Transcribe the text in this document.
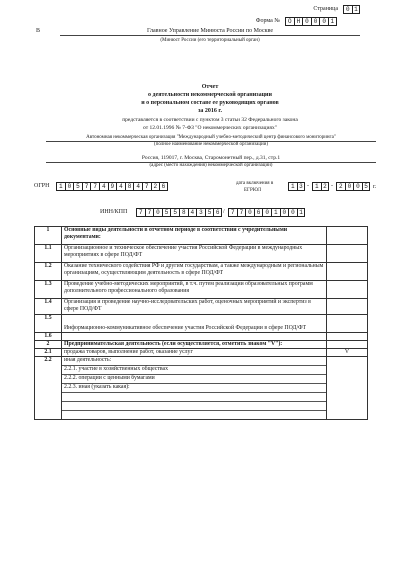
Страница	0 1
Форма №	О Н 0 0 0 1
В	Главное Управление Минюста России по Москве
(Минюст России (его территориальный орган)
Отчет
о деятельности некоммерческой организации
и о персональном составе ее руководящих органов
за 2016 г.
представляется в соответствии с пунктом 3 статьи 32 Федерального закона
от 12.01.1996 № 7-ФЗ "О некоммерческих организациях"
Автономная некоммерческая организация "Международный учебно-методический центр финансового мониторинга"
(полное наименование некоммерческой организации)
Россия, 119017, г. Москва, Старомонетный пер., д.31, стр.1
(адрес (место нахождения) некоммерческой организации)
ОГРН	1 0 5 7 7 4 9 4 8 4 7 2 6	дата включения в
ЕГРЮЛ
1 3 - 1 2 - 2 0 0 5 г.
ИНН/КПП	7 7 0 5 5 8 4 3 5 6 /	7 7 0 6 0 1 0 0 1
1	Основные виды деятельности в отчетном периоде в соответствии с учредительными документами:	
1.1	Организационное и техническое обеспечение участия Российской Федерации в международных мероприятиях в сфере ПОД/ФТ	
1.2	Оказание технического содействия РФ и другим государствам, а также международным и региональным организациям, осуществляющим деятельность в сфере ПОД/ФТ	
1.3	Проведение учебно-методических мероприятий, в т.ч. путем реализации образовательных программ дополнительного профессионального образования	
1.4	Организация и проведение научно-исследовательских работ, оценочных мероприятий и экспертиз в сфере ПОД/ФТ	
1.5	Информационно-коммуникативное обеспечение участия Российской Федерации в сфере ПОД/ФТ	
1.6		
2	Предпринимательская деятельность (если осуществляется, отметить знаком "V"):	
2.1	продажа товаров, выполнение работ, оказание услуг	V
2.2	иная деятельность:
2.2.1. участие в хозяйственных обществах
2.2.2. операции с ценными бумагами
2.2.3. иная (указать какая):	
